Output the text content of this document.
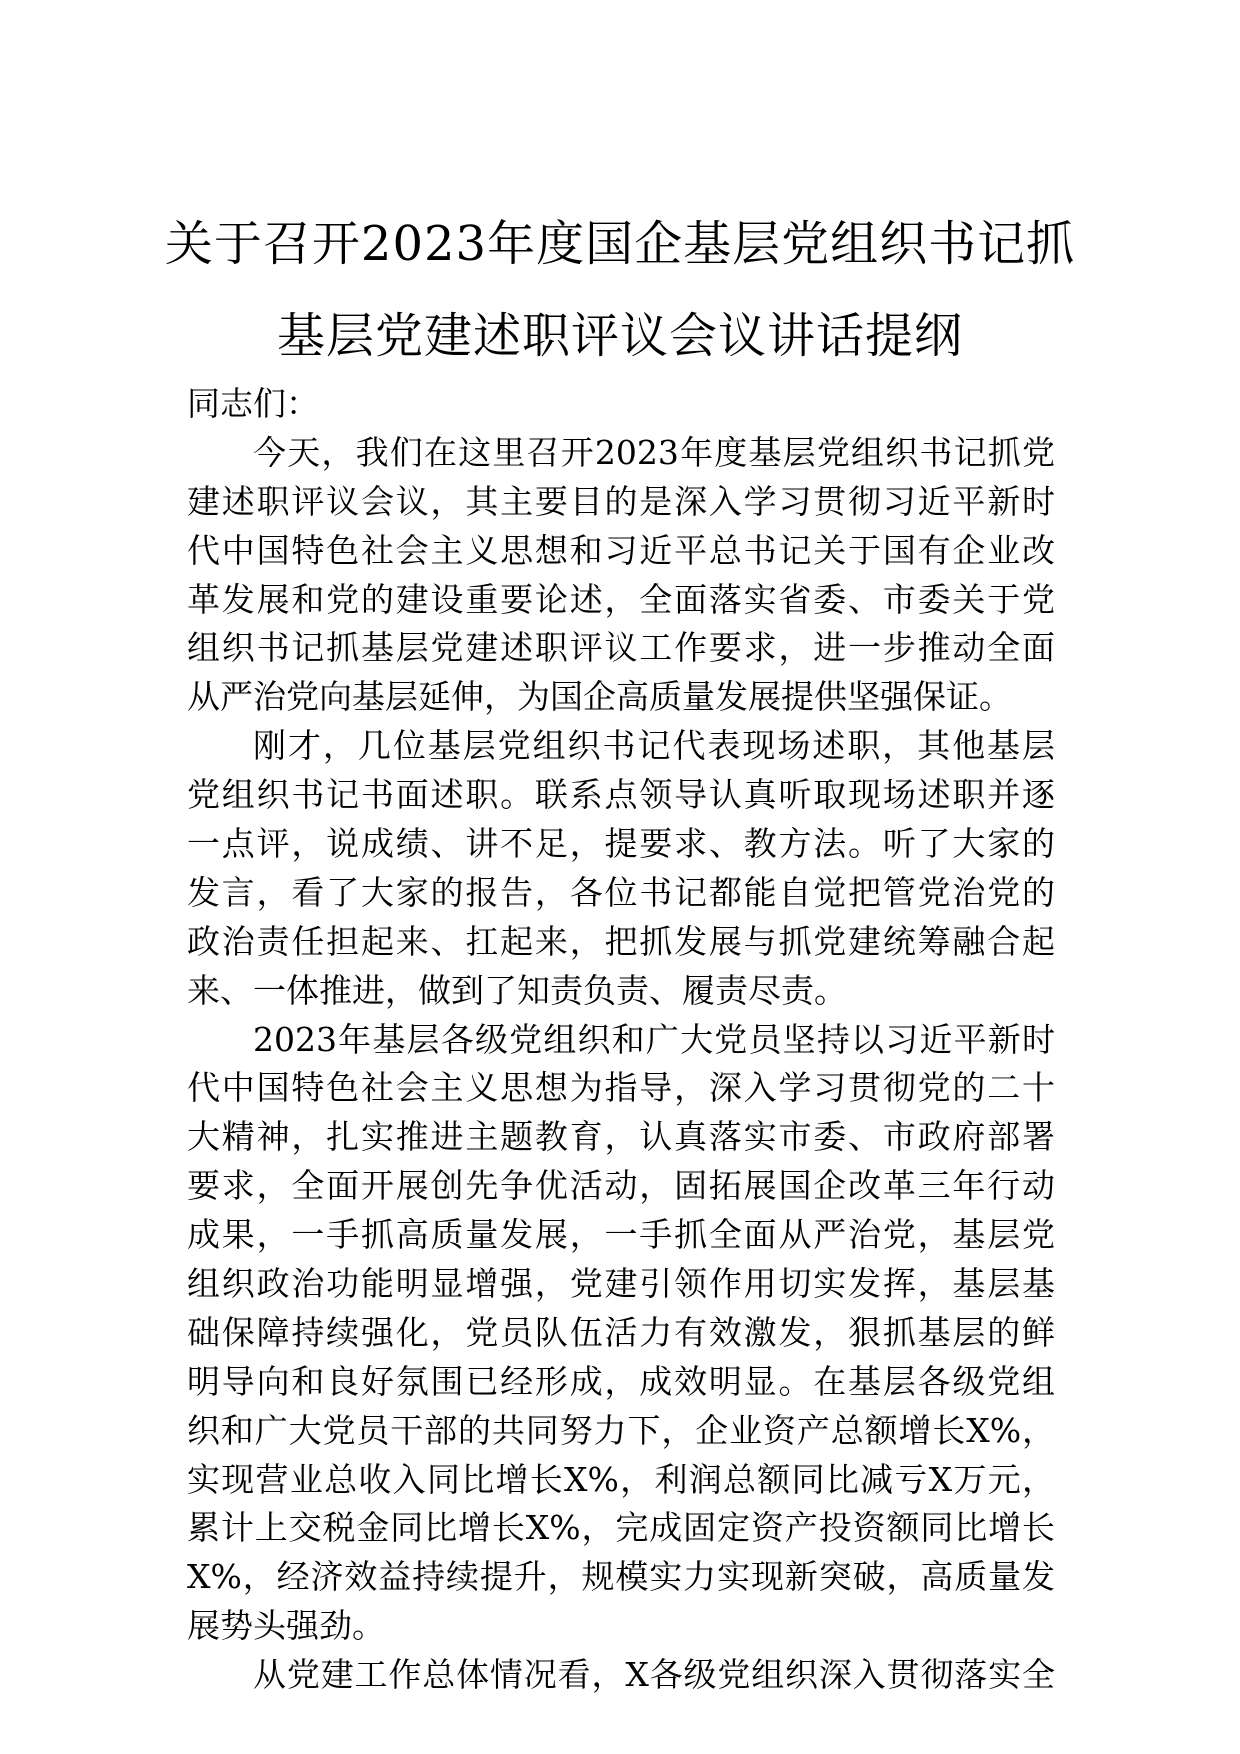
关于召开2023年度国企基层党组织书记抓
基层党建述职评议会议讲话提纲
同志们：
今天，我们在这里召开2023年度基层党组织书记抓党
建述职评议会议，其主要目的是深入学习贯彻习近平新时
代中国特色社会主义思想和习近平总书记关于国有企业改
革发展和党的建设重要论述，全面落实省委、市委关于党
组织书记抓基层党建述职评议工作要求，进一步推动全面
从严治党向基层延伸，为国企高质量发展提供坚强保证。
刚才，几位基层党组织书记代表现场述职，其他基层
党组织书记书面述职。联系点领导认真听取现场述职并逐
一点评，说成绩、讲不足，提要求、教方法。听了大家的
发言，看了大家的报告，各位书记都能自觉把管党治党的
政治责任担起来、扛起来，把抓发展与抓党建统筹融合起
来、一体推进，做到了知责负责、履责尽责。
2023年基层各级党组织和广大党员坚持以习近平新时
代中国特色社会主义思想为指导，深入学习贯彻党的二十
大精神，扎实推进主题教育，认真落实市委、市政府部署
要求，全面开展创先争优活动，固拓展国企改革三年行动
成果，一手抓高质量发展，一手抓全面从严治党，基层党
组织政治功能明显增强，党建引领作用切实发挥，基层基
础保障持续强化，党员队伍活力有效激发，狠抓基层的鲜
明导向和良好氛围已经形成，成效明显。在基层各级党组
织和广大党员干部的共同努力下，企业资产总额增长X%，
实现营业总收入同比增长X%，利润总额同比减亏X万元，
累计上交税金同比增长X%，完成固定资产投资额同比增长
X%，经济效益持续提升，规模实力实现新突破，高质量发
展势头强劲。
从党建工作总体情况看，X各级党组织深入贯彻落实全
